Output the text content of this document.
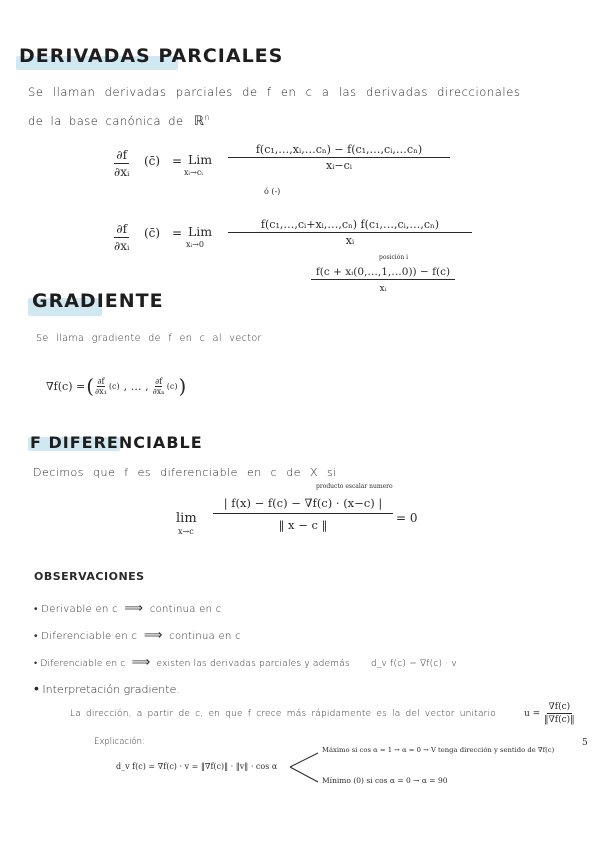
DERIVADAS PARCIALES
Se llaman derivadas parciales de f en c a las derivadas direccionales
de la base canónica de ℝ$^n$
$\frac{\partial f}{\text{∂xᵢ}}$ (c̄) = Lim
xᵢ→cᵢ
$\frac{\text{f(c₁,…,xᵢ,…cₙ) − f(c₁,…,cᵢ,…cₙ)}}{\text{xᵢ−cᵢ}}$
ó (-)
$\frac{\partial f}{\text{∂xᵢ}}$ (c̄) = Lim
xᵢ→0 $\frac{\text{f(c₁,…,cᵢ+xᵢ,…,cₙ) f(c₁,…,cᵢ,…,cₙ)}}{\text{xᵢ}}$
posición i
$\frac{\text{f(c + xᵢ(0,…,1,…0)) − f(c)}}{\text{xᵢ}}$
GRADIENTE
Se llama gradiente de f en c al vector
∇f(c) = ( $\frac{\partial f}{\text{∂x₁}} (c)$ , … , $\frac{\partial f}{\text{∂xₙ}} (c)$ )
F DIFERENCIABLE
Decimos que f es diferenciable en c de X si
producto escalar numero
lim
$x\to c \frac{| f(x) - f(c) - \nabla f(c) \cdot (x-c) |}{‖ x - c ‖} = 0$
OBSERVACIONES
• Derivable en c ⟹ continua en c
• Diferenciable en c ⟹ continua en c
• Diferenciable en c ⟹ existen las derivadas parciales y además d_v f(c) = ∇f(c) · v
• Interpretación gradiente.
La dirección, a partir de c, en que f crece más rápidamente es la del vector unitario	$u = \frac{\nabla f(c)}{‖\nabla f(c)‖}$
Explicación:
d_v f(c) = ∇f(c) · v = ‖∇f(c)‖ · ‖v‖ · cos α
Máximo si cos α = 1 → α = 0 → V tenga dirección y sentido de ∇f(c)
Mínimo (0) si cos α = 0 → α = 90
5
